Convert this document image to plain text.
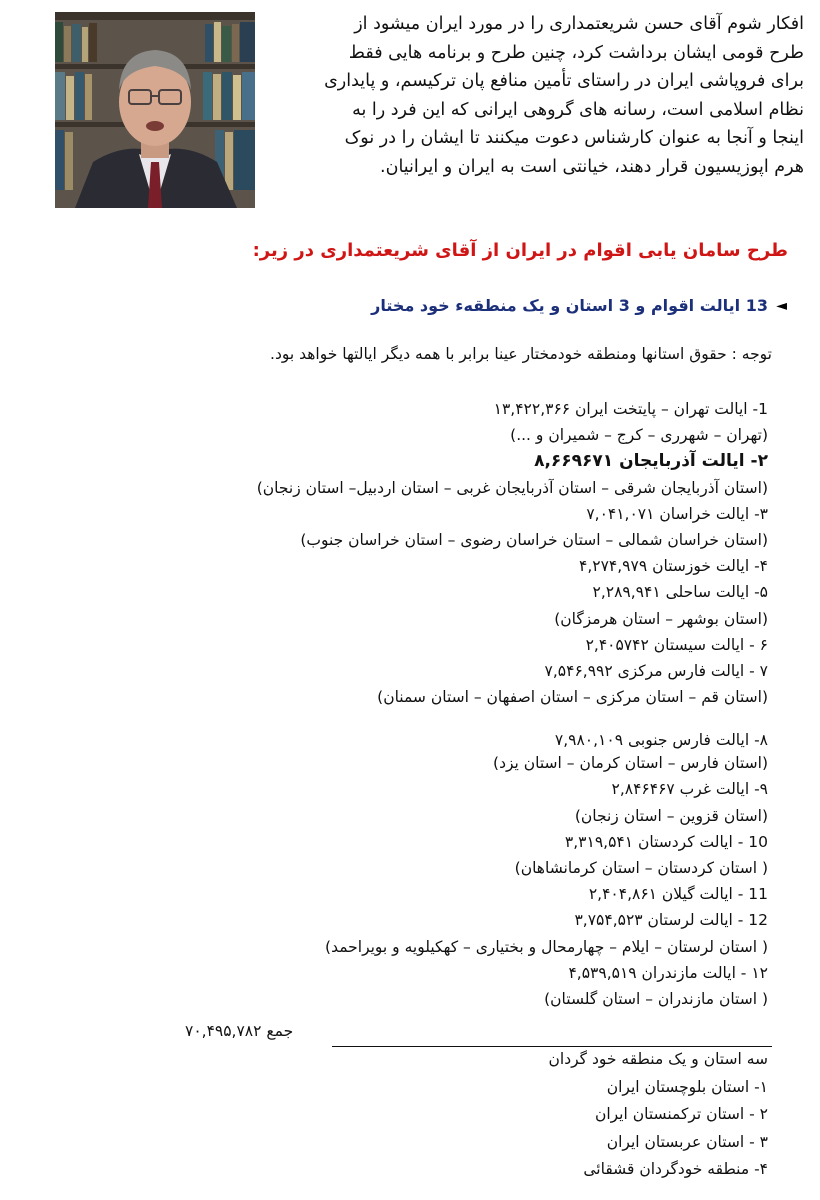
افکار شوم آقای حسن شریعتمداری را در مورد ایران میشود از
طرح قومی ایشان برداشت کرد، چنین طرح و برنامه هایی فقط
برای فروپاشی ایران در راستای تأمین منافع پان ترکیسم، و پایداری
نظام اسلامی است، رسانه های گروهی ایرانی که این فرد را به
اینجا و آنجا به عنوان کارشناس دعوت میکنند تا ایشان را در نوک
هرم اپوزیسیون قرار دهند، خیانتی است به ایران و ایرانیان.
طرح سامان یابی اقوام در ایران از آقای شریعتمداری در زیر:
◄
13 ایالت اقوام و 3 استان و یک منطقهء خود مختار
توجه : حقوق استانها ومنطقه خودمختار عینا برابر با همه دیگر ایالتها خواهد بود.
1- ایالت تهران – پایتخت ایران ۱۳,۴۲۲,۳۶۶
(تهران – شهرری – کرج – شمیران و ...)
۲- ایالت آذربایجان ۸,۶۶۹۶۷۱
(استان آذربایجان شرقی – استان آذربایجان غربی – استان اردبیل– استان زنجان)
۳- ایالت خراسان ۷,۰۴۱,۰۷۱
(استان خراسان شمالی – استان خراسان رضوی – استان خراسان جنوب)
۴- ایالت خوزستان ۴,۲۷۴,۹۷۹
۵- ایالت ساحلی ۲,۲۸۹,۹۴۱
(استان بوشهر – استان هرمزگان)
۶ - ایالت سیستان ۲,۴۰۵۷۴۲
۷ - ایالت فارس مرکزی ۷,۵۴۶,۹۹۲
(استان قم – استان مرکزی – استان اصفهان – استان سمنان)
۸- ایالت فارس جنوبی ۷,۹۸۰,۱۰۹
(استان فارس – استان کرمان – استان یزد)
۹- ایالت غرب ۲,۸۴۶۴۶۷
(استان قزوین – استان زنجان)
10 - ایالت کردستان ۳,۳۱۹,۵۴۱
( استان کردستان – استان کرمانشاهان)
11 - ایالت گیلان ۲,۴۰۴,۸۶۱
12 - ایالت لرستان ۳,۷۵۴,۵۲۳
( استان لرستان – ایلام – چهارمحال و بختیاری – کهکیلویه و بویراحمد)
۱۲ - ایالت مازندران ۴,۵۳۹,۵۱۹
( استان مازندران – استان گلستان)
جمع ۷۰,۴۹۵,۷۸۲
سه استان و یک منطقه خود گردان
۱- استان بلوچستان ایران
۲ - استان ترکمنستان ایران
۳ - استان عربستان ایران
۴- منطقه خودگردان قشقائی
